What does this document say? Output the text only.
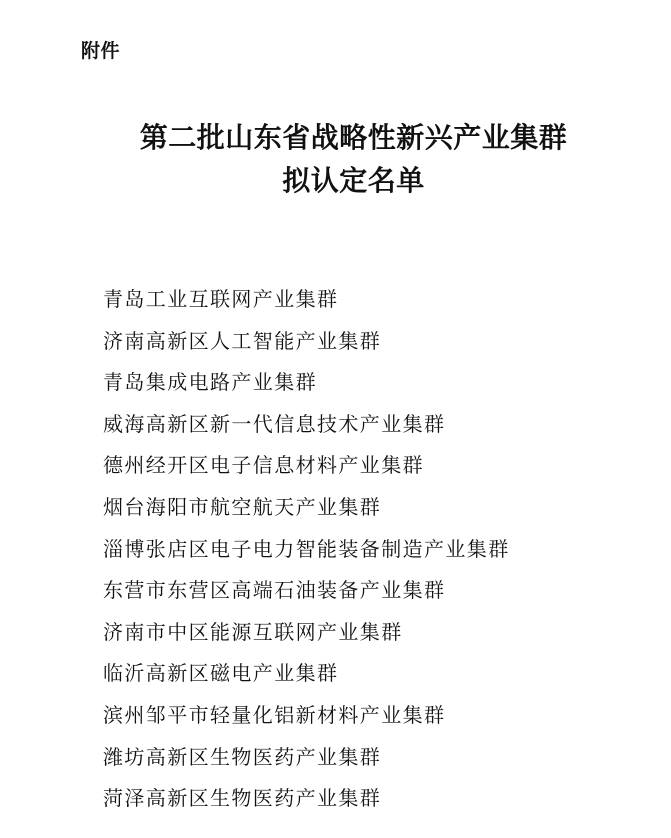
附件
第二批山东省战略性新兴产业集群
拟认定名单
青岛工业互联网产业集群
济南高新区人工智能产业集群
青岛集成电路产业集群
威海高新区新一代信息技术产业集群
德州经开区电子信息材料产业集群
烟台海阳市航空航天产业集群
淄博张店区电子电力智能装备制造产业集群
东营市东营区高端石油装备产业集群
济南市中区能源互联网产业集群
临沂高新区磁电产业集群
滨州邹平市轻量化铝新材料产业集群
潍坊高新区生物医药产业集群
菏泽高新区生物医药产业集群
